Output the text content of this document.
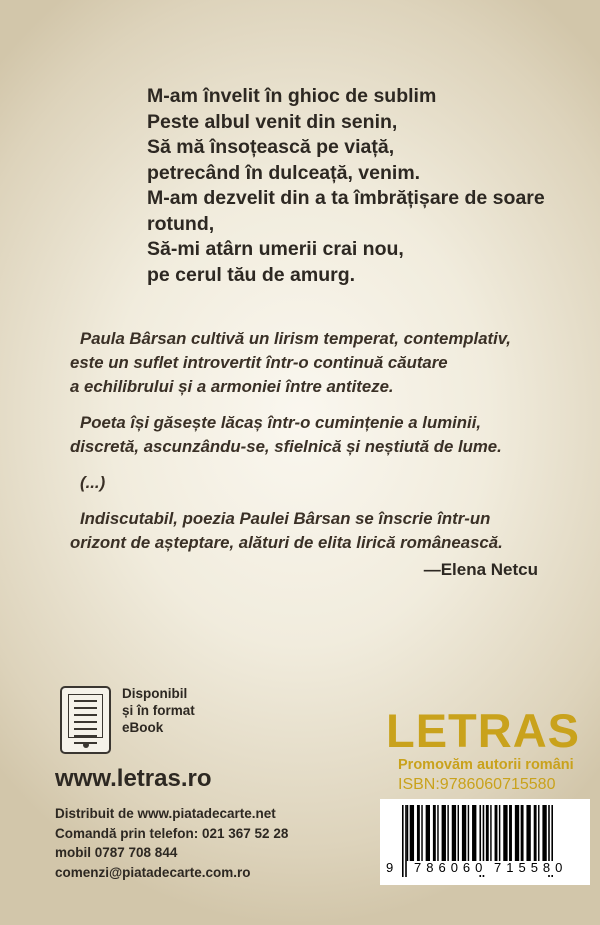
M-am învelit în ghioc de sublim
Peste albul venit din senin,
Să mă însoțească pe viață,
petrecând în dulceață, venim.
M-am dezvelit din a ta îmbrățișare de soare
rotund,
Să-mi atârn umerii crai nou,
pe cerul tău de amurg.

Paula Bârsan cultivă un lirism temperat, contemplativ,
este un suflet introvertit într-o continuă căutare
a echilibrului și a armoniei între antiteze.

Poeta își găsește lăcaș într-o cumințenie a luminii,
discretă, ascunzându-se, sfielnică și neștiută de lume.

(...)

Indiscutabil, poezia Paulei Bârsan se înscrie într-un
orizont de așteptare, alături de elita lirică românească.

—Elena Netcu
Disponibil
și în format
eBook
www.letras.ro
Distribuit de www.piatadecarte.net
Comandă prin telefon: 021 367 52 28
mobil 0787 708 844
comenzi@piatadecarte.com.ro
LETRAS
Promovăm autorii români
ISBN:9786060715580
9 786060 715580
